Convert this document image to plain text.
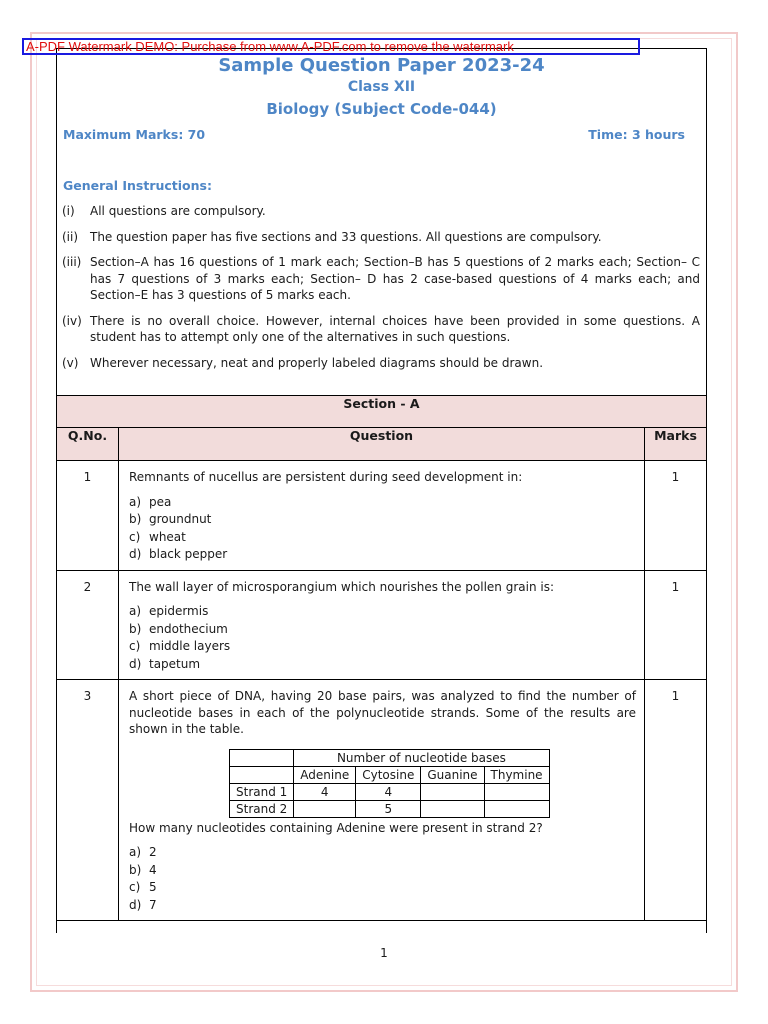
A-PDF Watermark DEMO: Purchase from www.A-PDF.com to remove the watermark
Sample Question Paper 2023-24
Class XII
Biology (Subject Code-044)
Maximum Marks: 70	Time: 3 hours
General Instructions:
(i)	All questions are compulsory.
(ii) The question paper has five sections and 33 questions. All questions are compulsory.
(iii) Section–A has 16 questions of 1 mark each; Section–B has 5 questions of 2 marks each; Section– C has 7 questions of 3 marks each; Section– D has 2 case-based questions of 4 marks each; and Section–E has 3 questions of 5 marks each.
(iv) There is no overall choice. However, internal choices have been provided in some questions. A student has to attempt only one of the alternatives in such questions.
(v) Wherever necessary, neat and properly labeled diagrams should be drawn.
Section - A
Q.No.	Question	Marks
1	Remnants of nucellus are persistent during seed development in:
a) pea
b) groundnut
c) wheat
d) black pepper
	1
2	The wall layer of microsporangium which nourishes the pollen grain is:
a) epidermis
b) endothecium
c) middle layers
d) tapetum
	1
3	A short piece of DNA, having 20 base pairs, was analyzed to find the number of nucleotide bases in each of the polynucleotide strands. Some of the results are shown in the table.
	Number of nucleotide bases
	Adenine	Cytosine	Guanine	Thymine
Strand 1	4	4		
Strand 2		5		
How many nucleotides containing Adenine were present in strand 2?
a) 2
b) 4
c) 5
d) 7
	1
1
